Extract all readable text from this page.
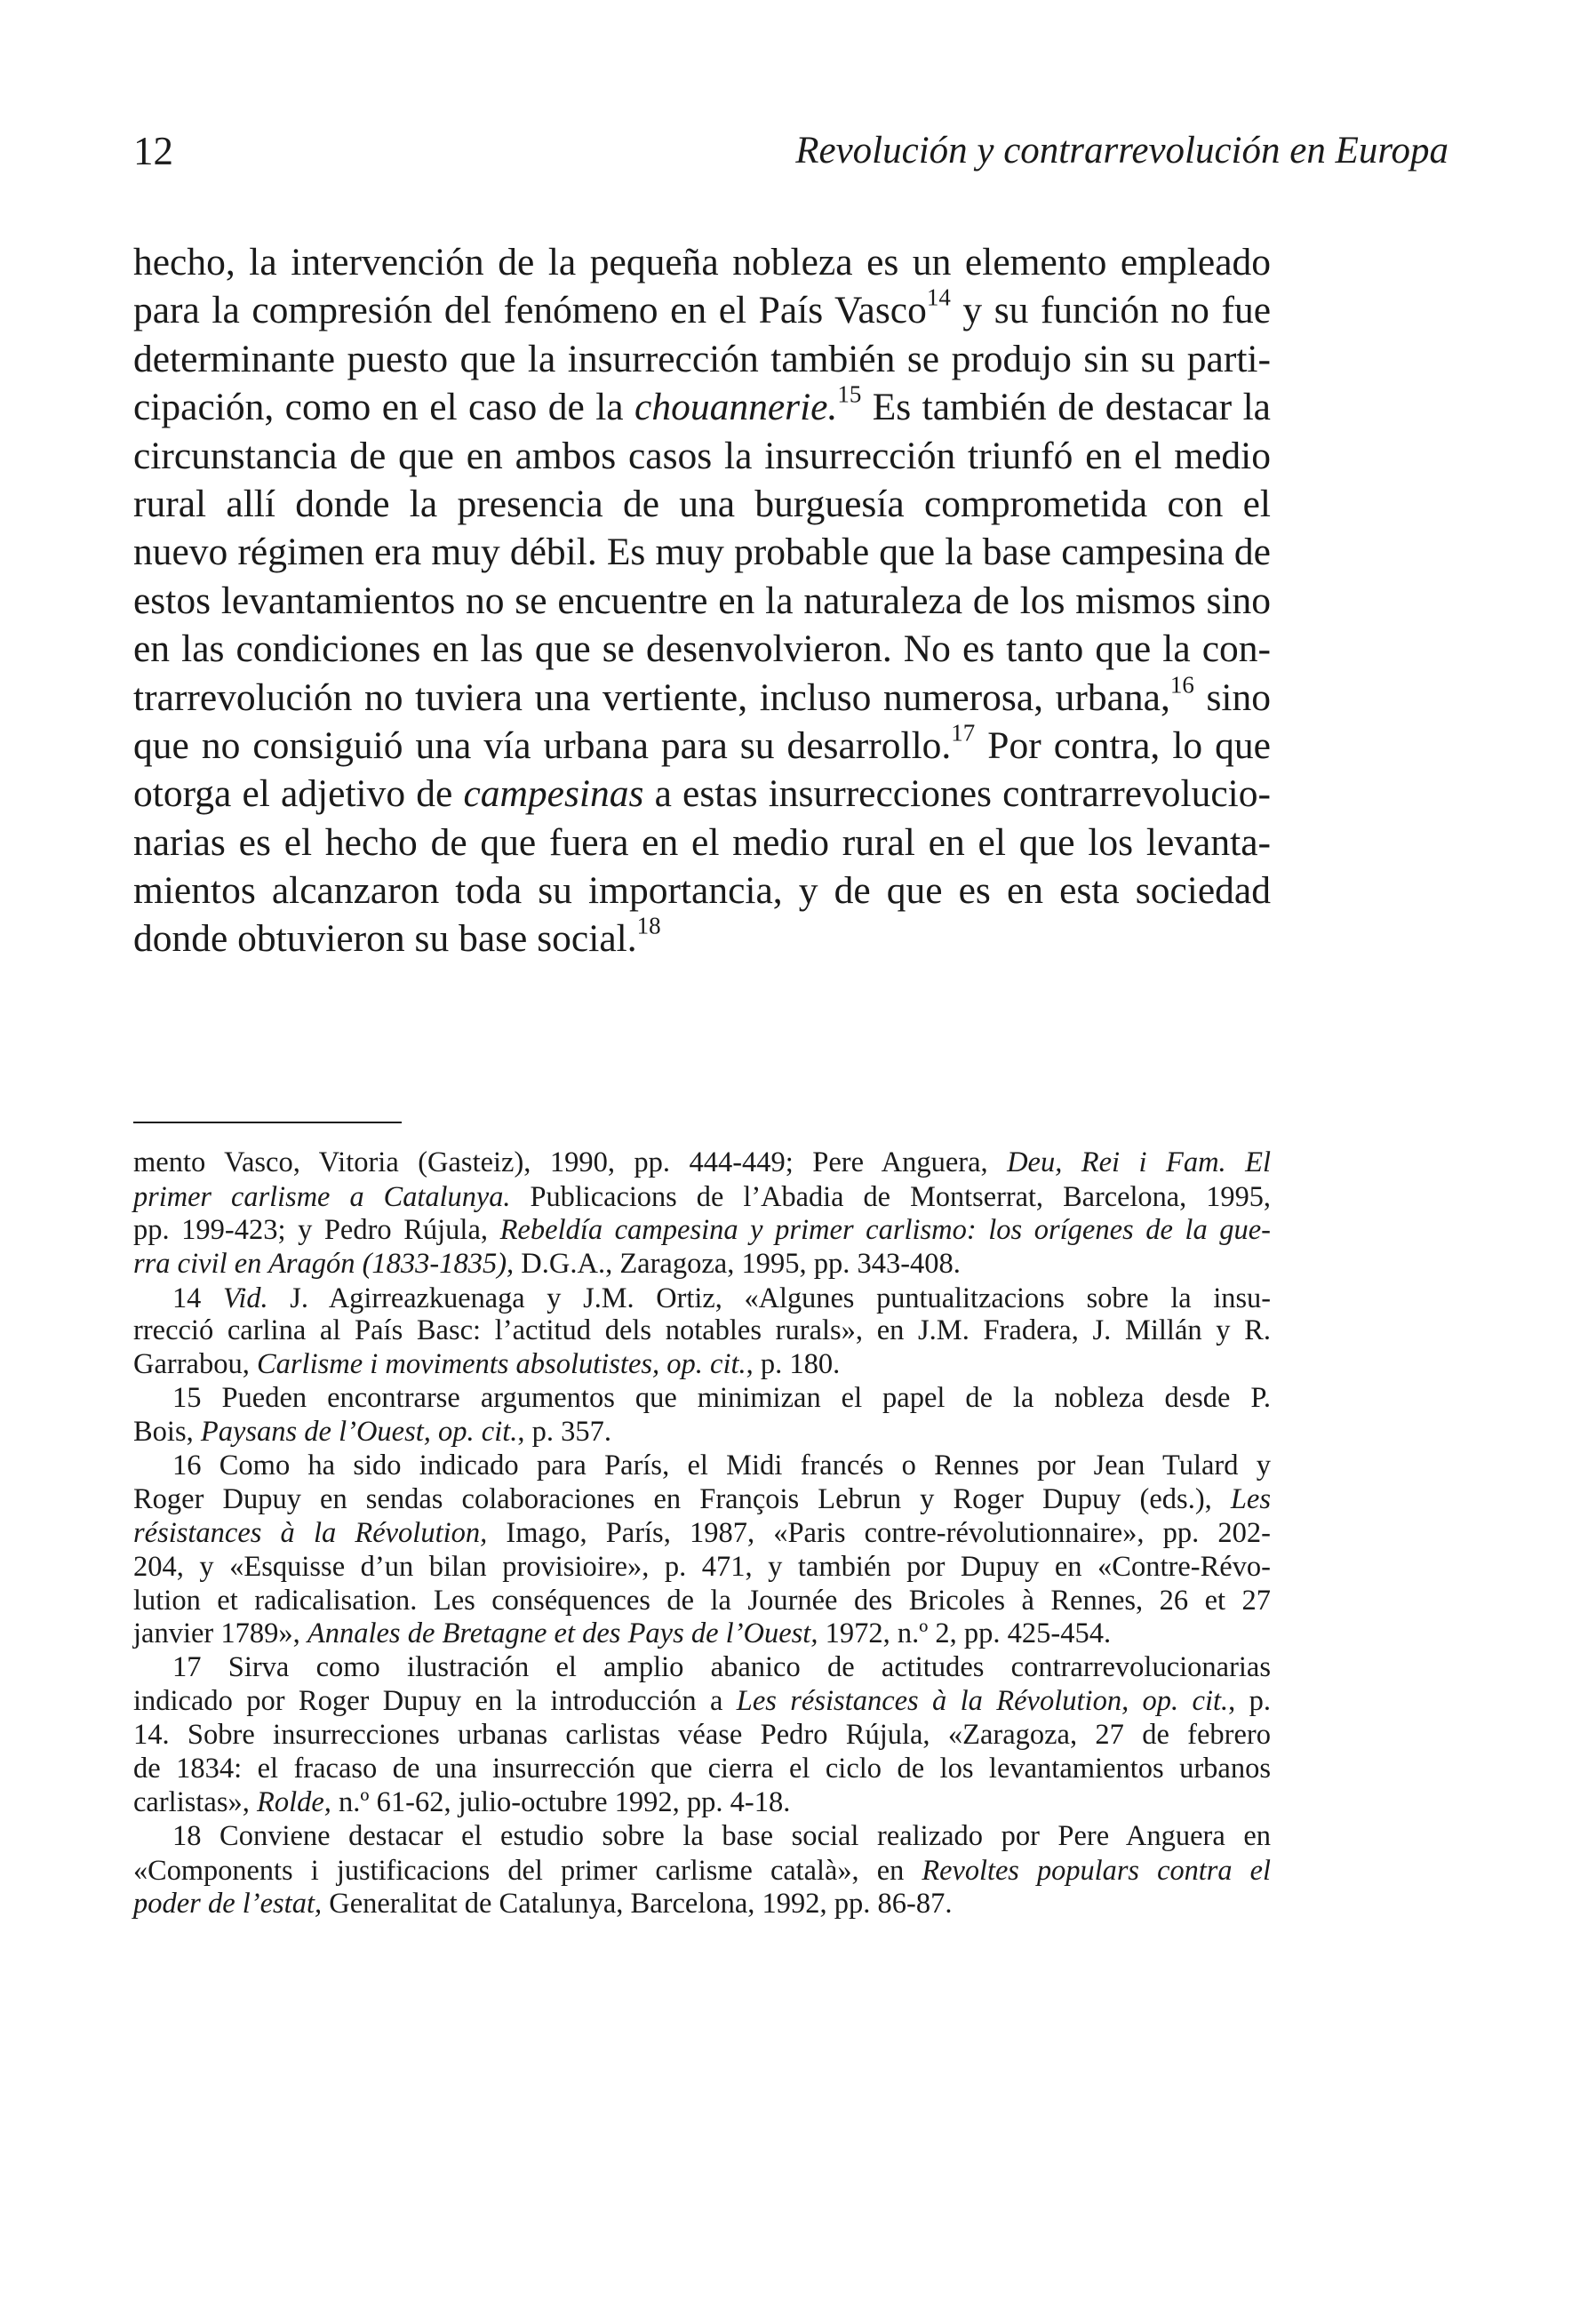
12	Revolución y contrarrevolución en Europa
hecho, la intervención de la pequeña nobleza es un elemento empleado
para la compresión del fenómeno en el País Vasco$^{14}$ y su función no fue
determinante puesto que la insurrección también se produjo sin su parti-
cipación, como en el caso de la chouannerie.$^{15}$ Es también de destacar la
circunstancia de que en ambos casos la insurrección triunfó en el medio
rural allí donde la presencia de una burguesía comprometida con el
nuevo régimen era muy débil. Es muy probable que la base campesina de
estos levantamientos no se encuentre en la naturaleza de los mismos sino
en las condiciones en las que se desenvolvieron. No es tanto que la con-
trarrevolución no tuviera una vertiente, incluso numerosa, urbana,$^{16}$ sino
que no consiguió una vía urbana para su desarrollo.$^{17}$ Por contra, lo que
otorga el adjetivo de campesinas a estas insurrecciones contrarrevolucio-
narias es el hecho de que fuera en el medio rural en el que los levanta-
mientos alcanzaron toda su importancia, y de que es en esta sociedad
donde obtuvieron su base social.$^{18}$
mento Vasco, Vitoria (Gasteiz), 1990, pp. 444-449; Pere Anguera, Deu, Rei i Fam. El
primer carlisme a Catalunya. Publicacions de l’Abadia de Montserrat, Barcelona, 1995,
pp. 199-423; y Pedro Rújula, Rebeldía campesina y primer carlismo: los orígenes de la gue-
rra civil en Aragón (1833-1835), D.G.A., Zaragoza, 1995, pp. 343-408.
14 Vid. J. Agirreazkuenaga y J.M. Ortiz, «Algunes puntualitzacions sobre la insu-
rrecció carlina al País Basc: l’actitud dels notables rurals», en J.M. Fradera, J. Millán y R.
Garrabou, Carlisme i moviments absolutistes, op. cit., p. 180.
15 Pueden encontrarse argumentos que minimizan el papel de la nobleza desde P.
Bois, Paysans de l’Ouest, op. cit., p. 357.
16 Como ha sido indicado para París, el Midi francés o Rennes por Jean Tulard y
Roger Dupuy en sendas colaboraciones en François Lebrun y Roger Dupuy (eds.), Les
résistances à la Révolution, Imago, París, 1987, «Paris contre-révolutionnaire», pp. 202-
204, y «Esquisse d’un bilan provisioire», p. 471, y también por Dupuy en «Contre-Révo-
lution et radicalisation. Les conséquences de la Journée des Bricoles à Rennes, 26 et 27
janvier 1789», Annales de Bretagne et des Pays de l’Ouest, 1972, n.º 2, pp. 425-454.
17 Sirva como ilustración el amplio abanico de actitudes contrarrevolucionarias
indicado por Roger Dupuy en la introducción a Les résistances à la Révolution, op. cit., p.
14. Sobre insurrecciones urbanas carlistas véase Pedro Rújula, «Zaragoza, 27 de febrero
de 1834: el fracaso de una insurrección que cierra el ciclo de los levantamientos urbanos
carlistas», Rolde, n.º 61-62, julio-octubre 1992, pp. 4-18.
18 Conviene destacar el estudio sobre la base social realizado por Pere Anguera en
«Components i justificacions del primer carlisme català», en Revoltes populars contra el
poder de l’estat, Generalitat de Catalunya, Barcelona, 1992, pp. 86-87.
